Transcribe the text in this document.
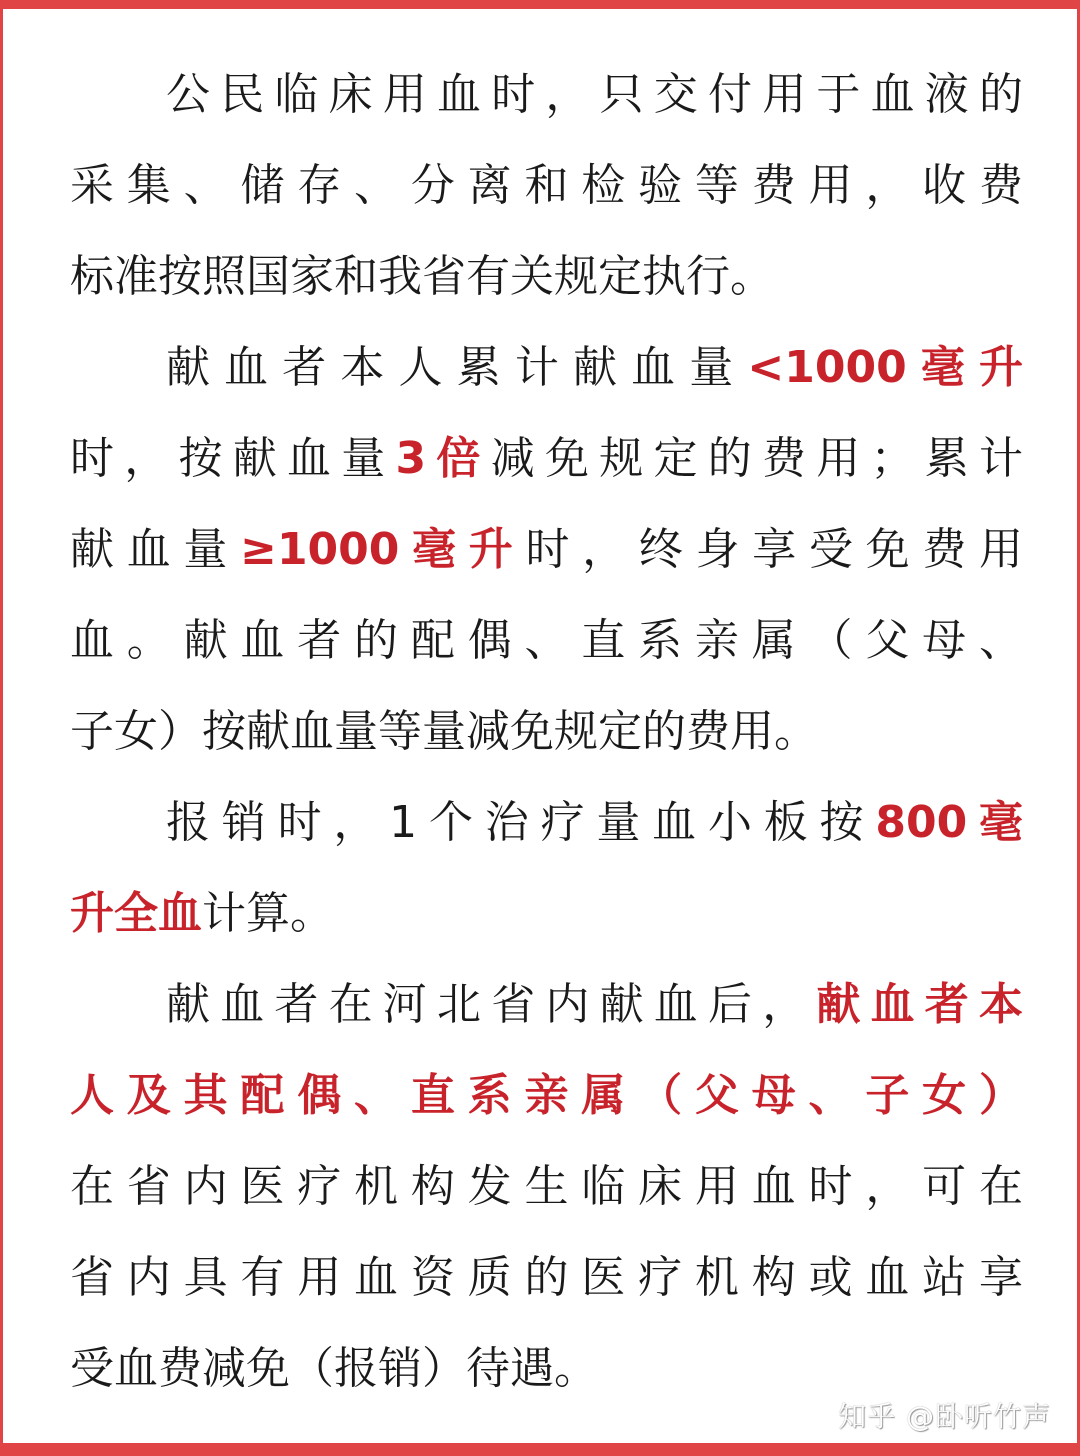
公民临床用血时，只交付用于血液的
采集、储存、分离和检验等费用，收费
标准按照国家和我省有关规定执行。
献血者本人累计献血量<1000毫升
时，按献血量3倍减免规定的费用；累计
献血量≥1000毫升时，终身享受免费用
血。献血者的配偶、直系亲属（父母、
子女）按献血量等量减免规定的费用。
报销时，1个治疗量血小板按800毫
升全血计算。
献血者在河北省内献血后，献血者本
人及其配偶、直系亲属（父母、子女）
在省内医疗机构发生临床用血时，可在
省内具有用血资质的医疗机构或血站享
受血费减免（报销）待遇。
知乎 @卧听竹声
